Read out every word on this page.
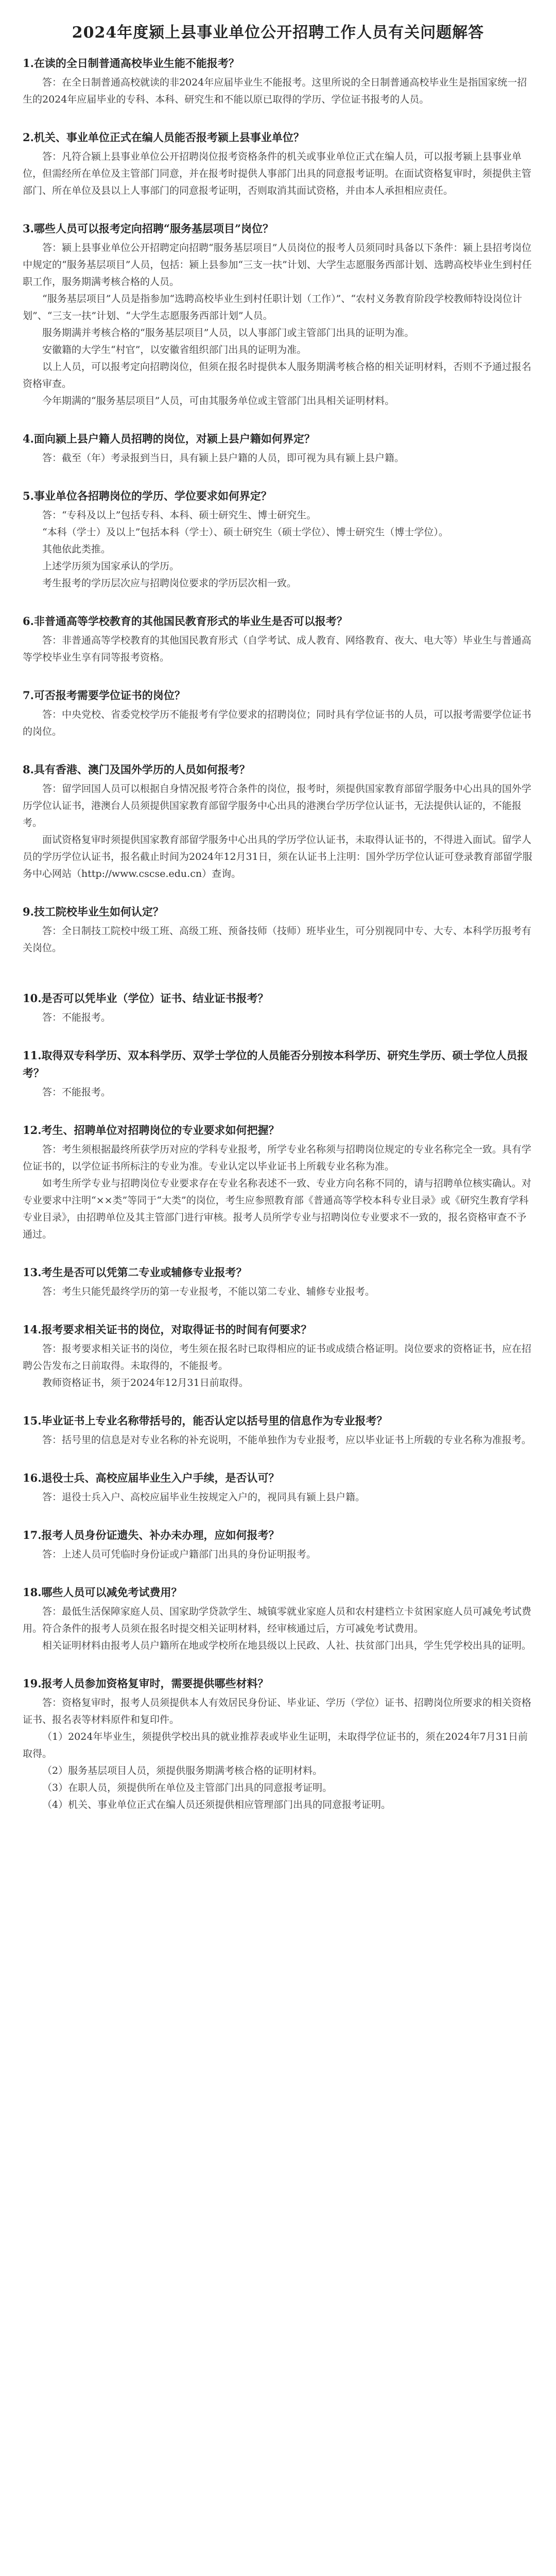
2024年度颍上县事业单位公开招聘工作人员有关问题解答
1.在读的全日制普通高校毕业生能不能报考？

答：在全日制普通高校就读的非2024年应届毕业生不能报考。这里所说的全日制普通高校毕业生是指国家统一招生的2024年应届毕业的专科、本科、研究生和不能以原已取得的学历、学位证书报考的人员。

2.机关、事业单位正式在编人员能否报考颍上县事业单位？

答：凡符合颍上县事业单位公开招聘岗位报考资格条件的机关或事业单位正式在编人员，可以报考颍上县事业单位，但需经所在单位及主管部门同意，并在报考时提供人事部门出具的同意报考证明。在面试资格复审时，须提供主管部门、所在单位及县以上人事部门的同意报考证明，否则取消其面试资格，并由本人承担相应责任。

3.哪些人员可以报考定向招聘“服务基层项目”岗位？

答：颍上县事业单位公开招聘定向招聘“服务基层项目”人员岗位的报考人员须同时具备以下条件：颍上县招考岗位中规定的“服务基层项目”人员，包括：颍上县参加“三支一扶”计划、大学生志愿服务西部计划、选聘高校毕业生到村任职工作，服务期满考核合格的人员。

“服务基层项目”人员是指参加“选聘高校毕业生到村任职计划（工作）”、“农村义务教育阶段学校教师特设岗位计划”、“三支一扶”计划、“大学生志愿服务西部计划”人员。

服务期满并考核合格的“服务基层项目”人员，以人事部门或主管部门出具的证明为准。

安徽籍的大学生“村官”，以安徽省组织部门出具的证明为准。

以上人员，可以报考定向招聘岗位，但须在报名时提供本人服务期满考核合格的相关证明材料，否则不予通过报名资格审查。

今年期满的“服务基层项目”人员，可由其服务单位或主管部门出具相关证明材料。

4.面向颍上县户籍人员招聘的岗位，对颍上县户籍如何界定？

答：截至（年）考录报到当日，具有颍上县户籍的人员，即可视为具有颍上县户籍。

5.事业单位各招聘岗位的学历、学位要求如何界定？

答：“专科及以上”包括专科、本科、硕士研究生、博士研究生。

“本科（学士）及以上”包括本科（学士）、硕士研究生（硕士学位）、博士研究生（博士学位）。

其他依此类推。

上述学历须为国家承认的学历。

考生报考的学历层次应与招聘岗位要求的学历层次相一致。

6.非普通高等学校教育的其他国民教育形式的毕业生是否可以报考？

答：非普通高等学校教育的其他国民教育形式（自学考试、成人教育、网络教育、夜大、电大等）毕业生与普通高等学校毕业生享有同等报考资格。

7.可否报考需要学位证书的岗位？

答：中央党校、省委党校学历不能报考有学位要求的招聘岗位；同时具有学位证书的人员，可以报考需要学位证书的岗位。

8.具有香港、澳门及国外学历的人员如何报考？

答：留学回国人员可以根据自身情况报考符合条件的岗位，报考时，须提供国家教育部留学服务中心出具的国外学历学位认证书，港澳台人员须提供国家教育部留学服务中心出具的港澳台学历学位认证书，无法提供认证的，不能报考。

面试资格复审时须提供国家教育部留学服务中心出具的学历学位认证书，未取得认证书的，不得进入面试。留学人员的学历学位认证书，报名截止时间为2024年12月31日，须在认证书上注明：国外学历学位认证可登录教育部留学服务中心网站（http://www.cscse.edu.cn）查询。

9.技工院校毕业生如何认定？

答：全日制技工院校中级工班、高级工班、预备技师（技师）班毕业生，可分别视同中专、大专、本科学历报考有关岗位。

10.是否可以凭毕业（学位）证书、结业证书报考？

答：不能报考。

11.取得双专科学历、双本科学历、双学士学位的人员能否分别按本科学历、研究生学历、硕士学位人员报考？

答：不能报考。

12.考生、招聘单位对招聘岗位的专业要求如何把握？

答：考生须根据最终所获学历对应的学科专业报考，所学专业名称须与招聘岗位规定的专业名称完全一致。具有学位证书的，以学位证书所标注的专业为准。专业认定以毕业证书上所载专业名称为准。

如考生所学专业与招聘岗位专业要求存在专业名称表述不一致、专业方向名称不同的，请与招聘单位核实确认。对专业要求中注明“××类”等同于“大类”的岗位，考生应参照教育部《普通高等学校本科专业目录》或《研究生教育学科专业目录》，由招聘单位及其主管部门进行审核。报考人员所学专业与招聘岗位专业要求不一致的，报名资格审查不予通过。

13.考生是否可以凭第二专业或辅修专业报考？

答：考生只能凭最终学历的第一专业报考，不能以第二专业、辅修专业报考。

14.报考要求相关证书的岗位，对取得证书的时间有何要求？

答：报考要求相关证书的岗位，考生须在报名时已取得相应的证书或成绩合格证明。岗位要求的资格证书，应在招聘公告发布之日前取得。未取得的，不能报考。

教师资格证书，须于2024年12月31日前取得。

15.毕业证书上专业名称带括号的，能否认定以括号里的信息作为专业报考？

答：括号里的信息是对专业名称的补充说明，不能单独作为专业报考，应以毕业证书上所载的专业名称为准报考。

16.退役士兵、高校应届毕业生入户手续，是否认可？

答：退役士兵入户、高校应届毕业生按规定入户的，视同具有颍上县户籍。

17.报考人员身份证遗失、补办未办理，应如何报考？

答：上述人员可凭临时身份证或户籍部门出具的身份证明报考。

18.哪些人员可以减免考试费用？

答：最低生活保障家庭人员、国家助学贷款学生、城镇零就业家庭人员和农村建档立卡贫困家庭人员可减免考试费用。符合条件的报考人员须在报名时提交相关证明材料，经审核通过后，方可减免考试费用。

相关证明材料由报考人员户籍所在地或学校所在地县级以上民政、人社、扶贫部门出具，学生凭学校出具的证明。

19.报考人员参加资格复审时，需要提供哪些材料？

答：资格复审时，报考人员须提供本人有效居民身份证、毕业证、学历（学位）证书、招聘岗位所要求的相关资格证书、报名表等材料原件和复印件。

（1）2024年毕业生，须提供学校出具的就业推荐表或毕业生证明，未取得学位证书的，须在2024年7月31日前取得。

（2）服务基层项目人员，须提供服务期满考核合格的证明材料。

（3）在职人员，须提供所在单位及主管部门出具的同意报考证明。

（4）机关、事业单位正式在编人员还须提供相应管理部门出具的同意报考证明。
